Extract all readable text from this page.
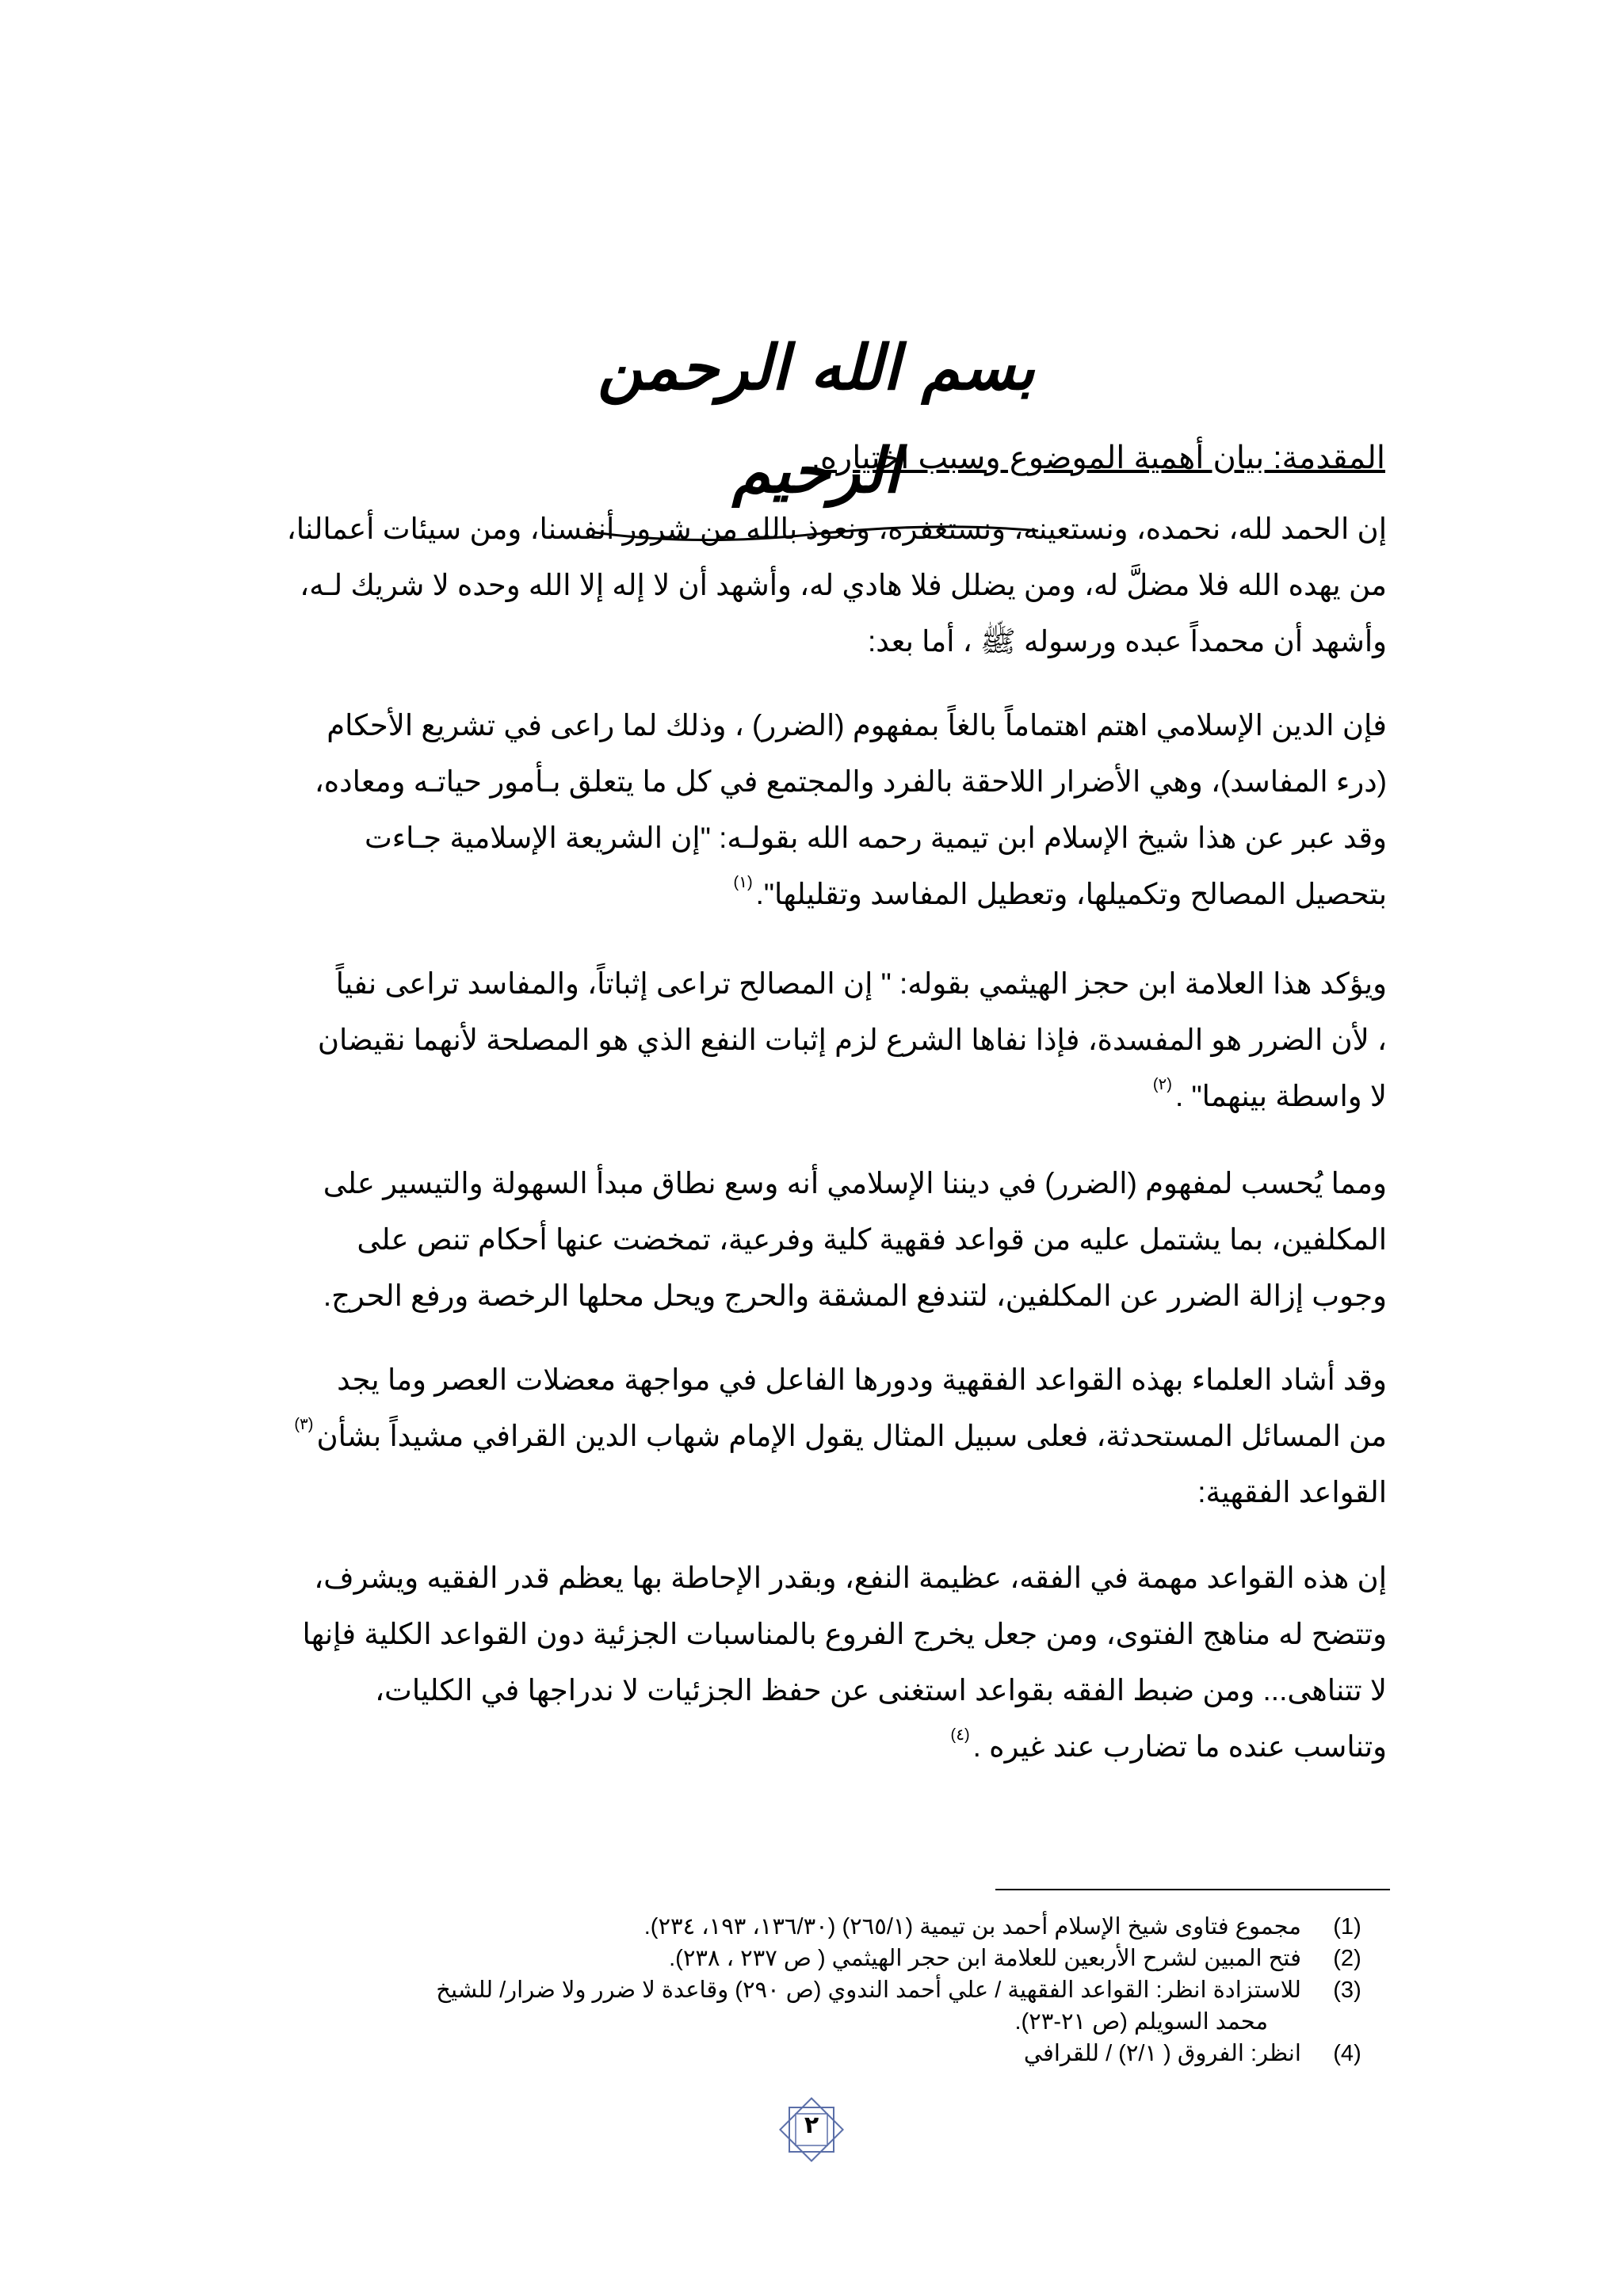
بسم الله الرحمن الرحيم
المقدمة: بيان أهمية الموضوع وسبب اختياره.
إن الحمد لله، نحمده، ونستعينه، ونستغفره، ونعوذ بالله من شرور أنفسنا، ومن سيئات أعمالنا،
من يهده الله فلا مضلَّ له، ومن يضلل فلا هادي له، وأشهد أن لا إله إلا الله وحده لا شريك لـه،
وأشهد أن محمداً عبده ورسوله ﷺ ، أما بعد:
فإن الدين الإسلامي اهتم اهتماماً بالغاً بمفهوم (الضرر) ، وذلك لما راعى في تشريع الأحكام
(درء المفاسد)، وهي الأضرار اللاحقة بالفرد والمجتمع في كل ما يتعلق بـأمور حياتـه ومعاده،
وقد عبر عن هذا شيخ الإسلام ابن تيمية رحمه الله بقولـه: "إن الشريعة الإسلامية جـاءت
بتحصيل المصالح وتكميلها، وتعطيل المفاسد وتقليلها".$^{(١)}$
ويؤكد هذا العلامة ابن حجز الهيثمي بقوله: " إن المصالح تراعى إثباتاً، والمفاسد تراعى نفياً
، لأن الضرر هو المفسدة، فإذا نفاها الشرع لزم إثبات النفع الذي هو المصلحة لأنهما نقيضان
لا واسطة بينهما" .$^{(٢)}$
ومما يُحسب لمفهوم (الضرر) في ديننا الإسلامي أنه وسع نطاق مبدأ السهولة والتيسير على
المكلفين، بما يشتمل عليه من قواعد فقهية كلية وفرعية، تمخضت عنها أحكام تنص على
وجوب إزالة الضرر عن المكلفين، لتندفع المشقة والحرج ويحل محلها الرخصة ورفع الحرج.
وقد أشاد العلماء بهذه القواعد الفقهية ودورها الفاعل في مواجهة معضلات العصر وما يجد
من المسائل المستحدثة، فعلى سبيل المثال يقول الإمام شهاب الدين القرافي مشيداً بشأن$^{(٣)}$
القواعد الفقهية:
إن هذه القواعد مهمة في الفقه، عظيمة النفع، وبقدر الإحاطة بها يعظم قدر الفقيه ويشرف،
وتتضح له مناهج الفتوى، ومن جعل يخرج الفروع بالمناسبات الجزئية دون القواعد الكلية فإنها
لا تتناهى... ومن ضبط الفقه بقواعد استغنى عن حفظ الجزئيات لا ندراجها في الكليات،
وتناسب عنده ما تضارب عند غيره .$^{(٤)}$
(1) مجموع فتاوى شيخ الإسلام أحمد بن تيمية (٢٦٥/١) (١٣٦/٣٠، ١٩٣، ٢٣٤).
(2) فتح المبين لشرح الأربعين للعلامة ابن حجر الهيثمي ( ص ٢٣٧ ، ٢٣٨).
(3) للاستزادة انظر: القواعد الفقهية / علي أحمد الندوي (ص ٢٩٠) وقاعدة لا ضرر ولا ضرار/ للشيخ
محمد السويلم (ص ٢١-٢٣).
(4) انظر: الفروق ( ٢/١) / للقرافي
٢
